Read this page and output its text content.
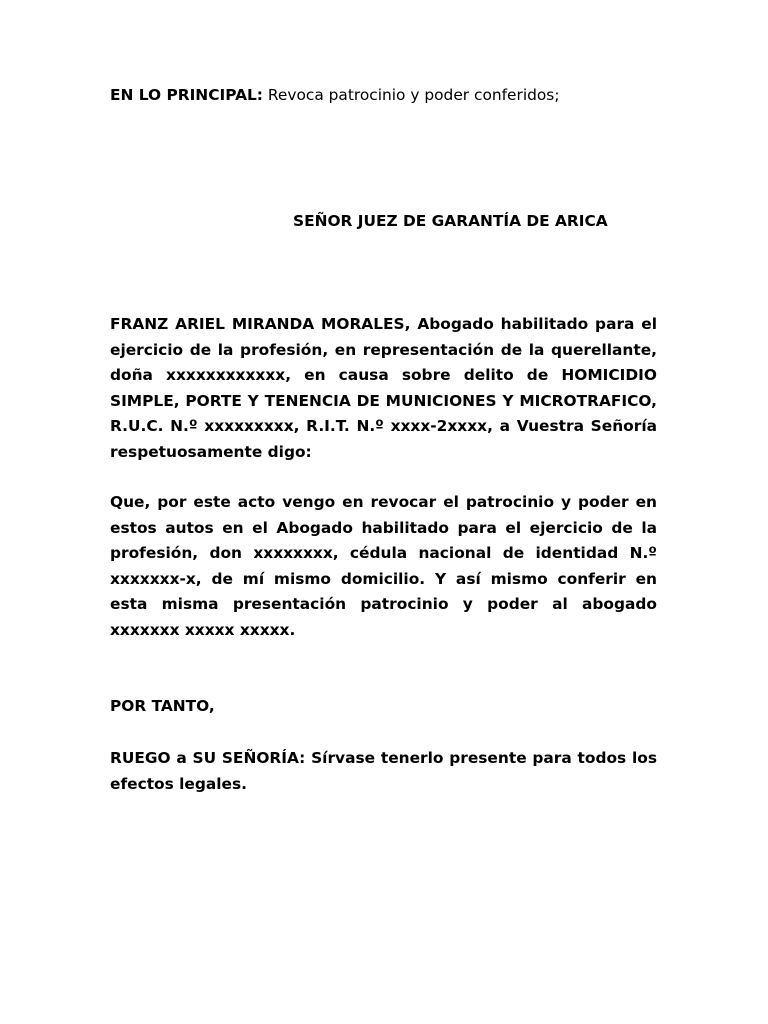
EN LO PRINCIPAL: Revoca patrocinio y poder conferidos;
SEÑOR JUEZ DE GARANTÍA DE ARICA
FRANZ ARIEL MIRANDA MORALES, Abogado habilitado para el ejercicio de la profesión, en representación de la querellante, doña xxxxxxxxxxxx, en causa sobre delito de HOMICIDIO SIMPLE, PORTE Y TENENCIA DE MUNICIONES Y MICROTRAFICO, R.U.C. N.º xxxxxxxxx, R.I.T. N.º xxxx-2xxxx, a Vuestra Señoría respetuosamente digo:
Que, por este acto vengo en revocar el patrocinio y poder en estos autos en el Abogado habilitado para el ejercicio de la profesión, don xxxxxxxx, cédula nacional de identidad N.º xxxxxxx-x, de mí mismo domicilio. Y así mismo conferir en esta misma presentación patrocinio y poder al abogado xxxxxxx xxxxx xxxxx.
POR TANTO,
RUEGO a SU SEÑORÍA: Sírvase tenerlo presente para todos los efectos legales.
